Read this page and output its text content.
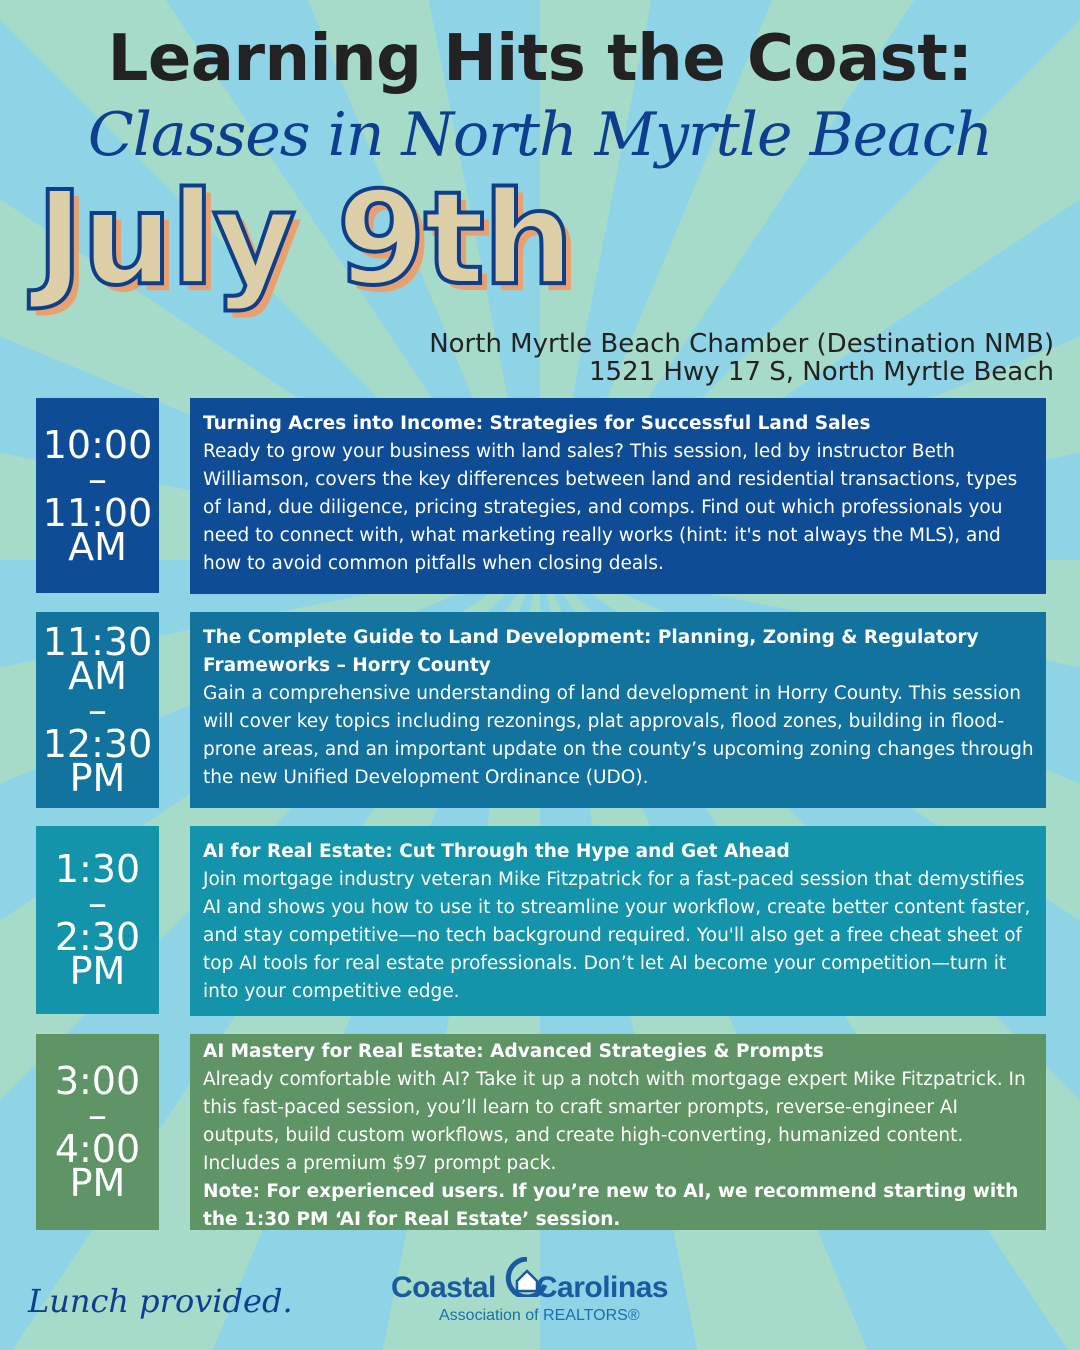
Learning Hits the Coast:
Classes in North Myrtle Beach
July 9th
North Myrtle Beach Chamber (Destination NMB)
1521 Hwy 17 S, North Myrtle Beach
10:00
–
11:00
AM
Turning Acres into Income: Strategies for Successful Land Sales
Ready to grow your business with land sales? This session, led by instructor Beth Williamson, covers the key differences between land and residential transactions, types of land, due diligence, pricing strategies, and comps. Find out which professionals you need to connect with, what marketing really works (hint: it's not always the MLS), and how to avoid common pitfalls when closing deals.
11:30
AM
–
12:30
PM
The Complete Guide to Land Development: Planning, Zoning & Regulatory Frameworks – Horry County
Gain a comprehensive understanding of land development in Horry County. This session will cover key topics including rezonings, plat approvals, flood zones, building in flood-prone areas, and an important update on the county’s upcoming zoning changes through the new Unified Development Ordinance (UDO).
1:30
–
2:30
PM
AI for Real Estate: Cut Through the Hype and Get Ahead
Join mortgage industry veteran Mike Fitzpatrick for a fast-paced session that demystifies AI and shows you how to use it to streamline your workflow, create better content faster, and stay competitive—no tech background required. You'll also get a free cheat sheet of top AI tools for real estate professionals. Don’t let AI become your competition—turn it into your competitive edge.
3:00
–
4:00
PM
AI Mastery for Real Estate: Advanced Strategies & Prompts
Already comfortable with AI? Take it up a notch with mortgage expert Mike Fitzpatrick. In this fast-paced session, you’ll learn to craft smarter prompts, reverse-engineer AI outputs, build custom workflows, and create high-converting, humanized content. Includes a premium $97 prompt pack.
Note: For experienced users. If you’re new to AI, we recommend starting with the 1:30 PM ‘AI for Real Estate’ session.
Lunch provided.	Coastal Carolinas
Association of REALTORS®
